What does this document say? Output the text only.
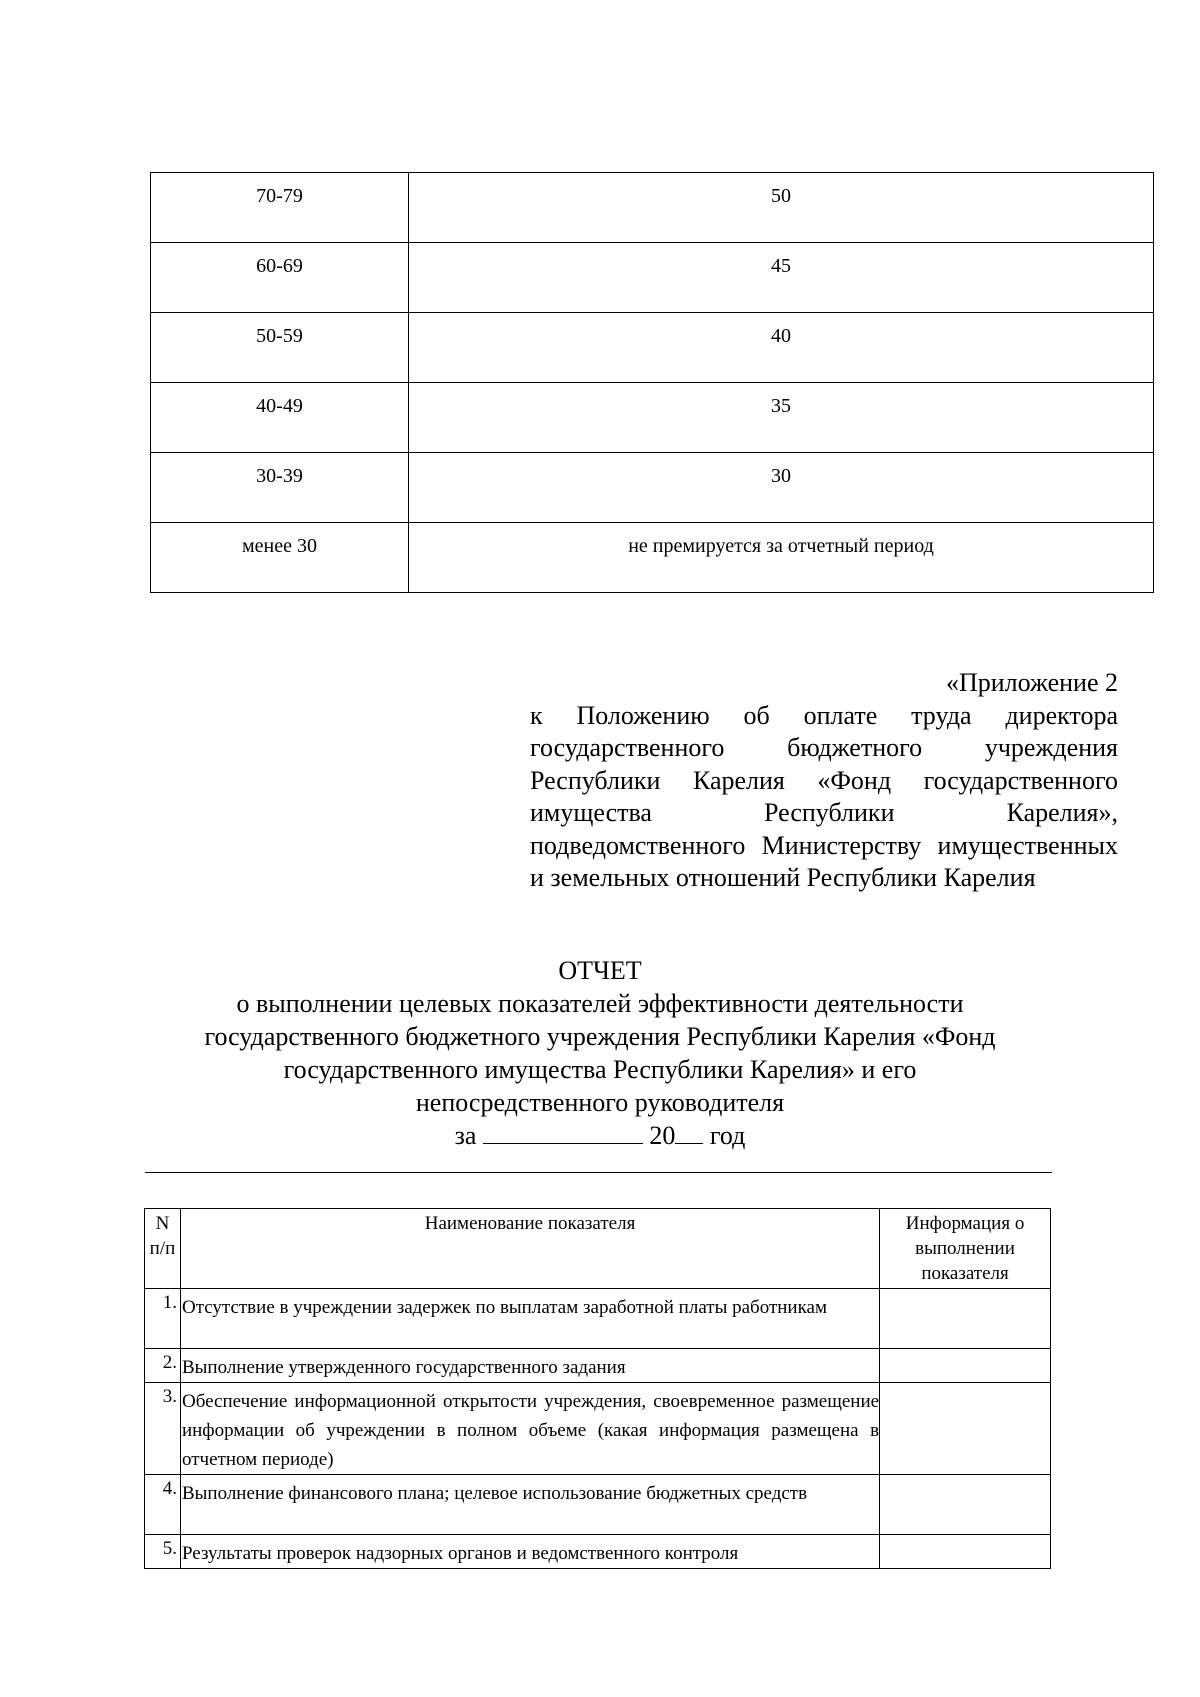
70-79	50
60-69	45
50-59	40
40-49	35
30-39	30
менее 30	не премируется за отчетный период
«Приложение 2
к Положению об оплате труда директора государственного бюджетного учреждения Республики Карелия «Фонд государственного имущества Республики Карелия», подведомственного Министерству имущественных и земельных отношений Республики Карелия
ОТЧЕТ
о выполнении целевых показателей эффективности деятельности
государственного бюджетного учреждения Республики Карелия «Фонд
государственного имущества Республики Карелия» и его
непосредственного руководителя
за	20 год
N п/п	Наименование показателя	Информация о выполнении показателя
1.	Отсутствие в учреждении задержек по выплатам заработной платы работникам	
2.	Выполнение утвержденного государственного задания	
3.	Обеспечение информационной открытости учреждения, своевременное размещение информации об учреждении в полном объеме (какая информация размещена в отчетном периоде)	
4.	Выполнение финансового плана; целевое использование бюджетных средств	
5.	Результаты проверок надзорных органов и ведомственного контроля	
